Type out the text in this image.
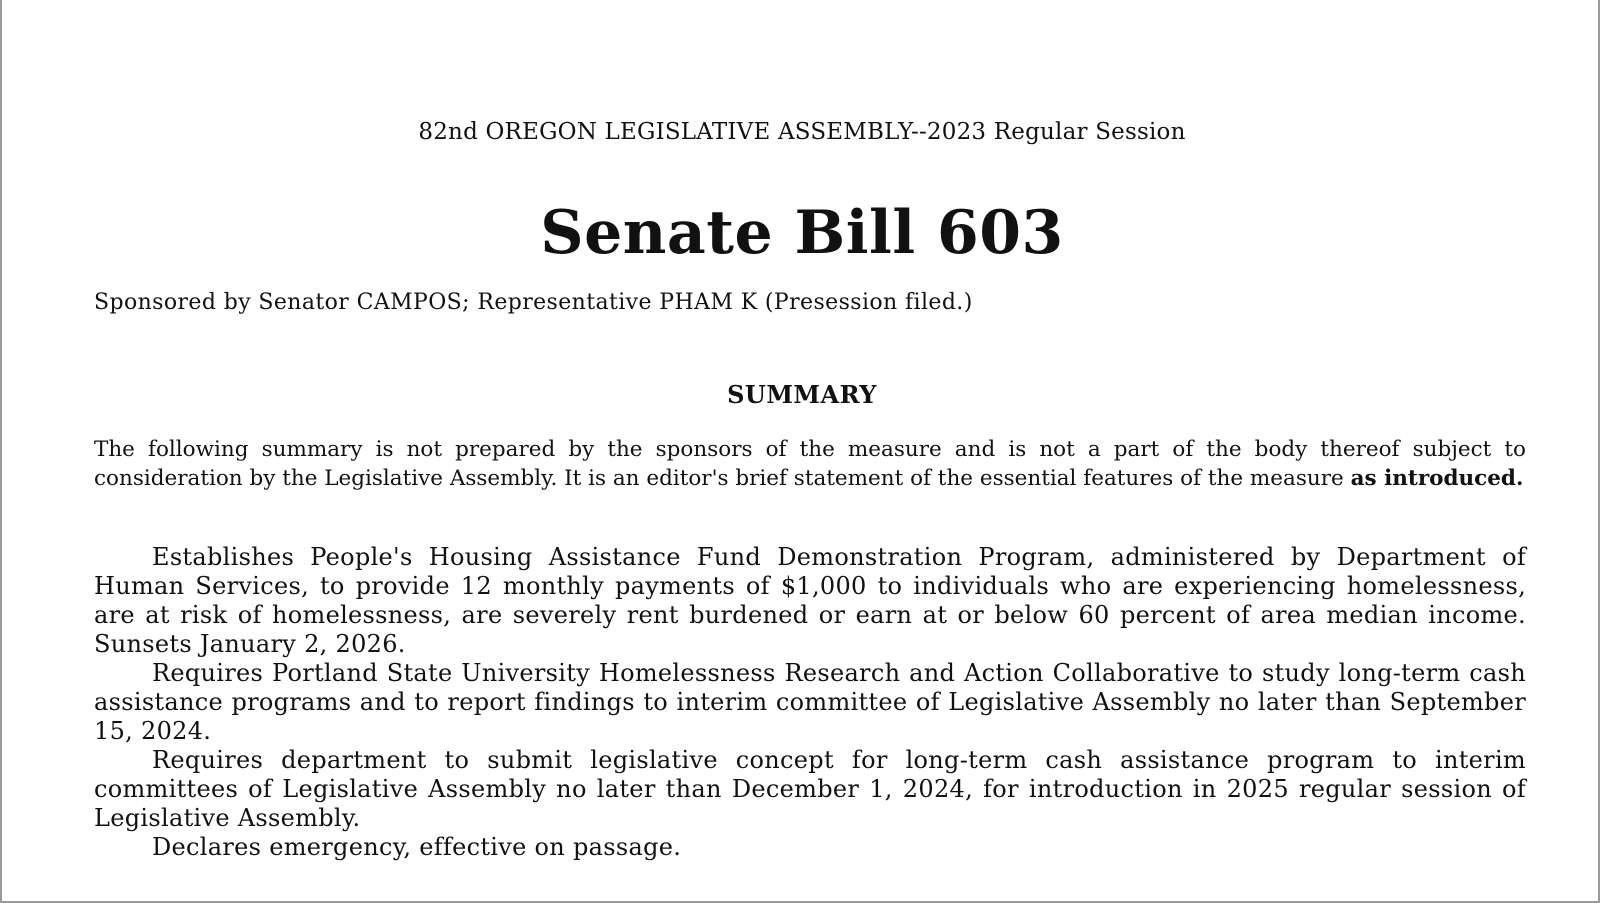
82nd OREGON LEGISLATIVE ASSEMBLY--2023 Regular Session
Senate Bill 603
Sponsored by Senator CAMPOS; Representative PHAM K (Presession filed.)
SUMMARY

The following summary is not prepared by the sponsors of the measure and is not a part of the body thereof subject to consideration by the Legislative Assembly. It is an editor's brief statement of the essential features of the measure as introduced.

Establishes People's Housing Assistance Fund Demonstration Program, administered by Department of Human Services, to provide 12 monthly payments of $1,000 to individuals who are experiencing homelessness, are at risk of homelessness, are severely rent burdened or earn at or below 60 percent of area median income. Sunsets January 2, 2026.

Requires Portland State University Homelessness Research and Action Collaborative to study long-term cash assistance programs and to report findings to interim committee of Legislative Assembly no later than September 15, 2024.

Requires department to submit legislative concept for long-term cash assistance program to interim committees of Legislative Assembly no later than December 1, 2024, for introduction in 2025 regular session of Legislative Assembly.

Declares emergency, effective on passage.
